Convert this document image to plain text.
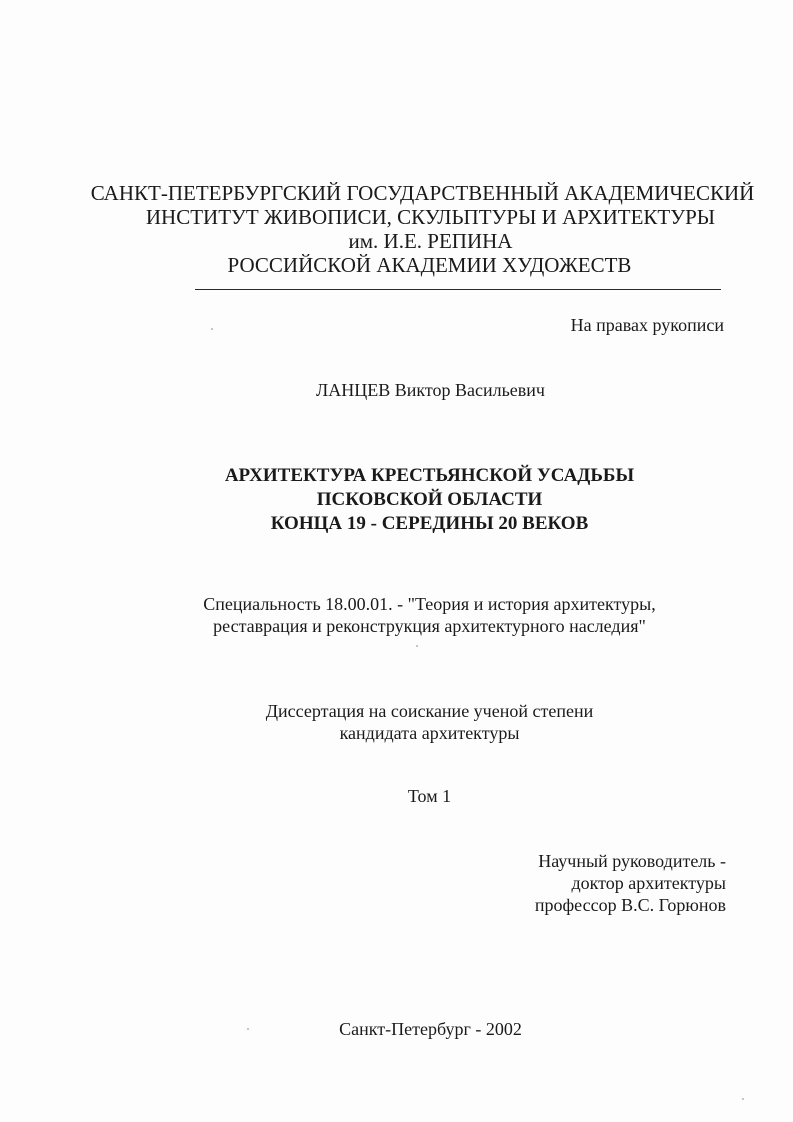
САНКТ-ПЕТЕРБУРГСКИЙ ГОСУДАРСТВЕННЫЙ АКАДЕМИЧЕСКИЙ
ИНСТИТУТ ЖИВОПИСИ, СКУЛЬПТУРЫ И АРХИТЕКТУРЫ
им. И.Е. РЕПИНА
РОССИЙСКОЙ АКАДЕМИИ ХУДОЖЕСТВ
На правах рукописи
ЛАНЦЕВ Виктор Васильевич
АРХИТЕКТУРА КРЕСТЬЯНСКОЙ УСАДЬБЫ
ПСКОВСКОЙ ОБЛАСТИ
КОНЦА 19 - СЕРЕДИНЫ 20 ВЕКОВ
Специальность 18.00.01. - "Теория и история архитектуры,
реставрация и реконструкция архитектурного наследия"
Диссертация на соискание ученой степени
кандидата архитектуры
Том 1
Научный руководитель -
доктор архитектуры
профессор В.С. Горюнов
Санкт-Петербург - 2002
